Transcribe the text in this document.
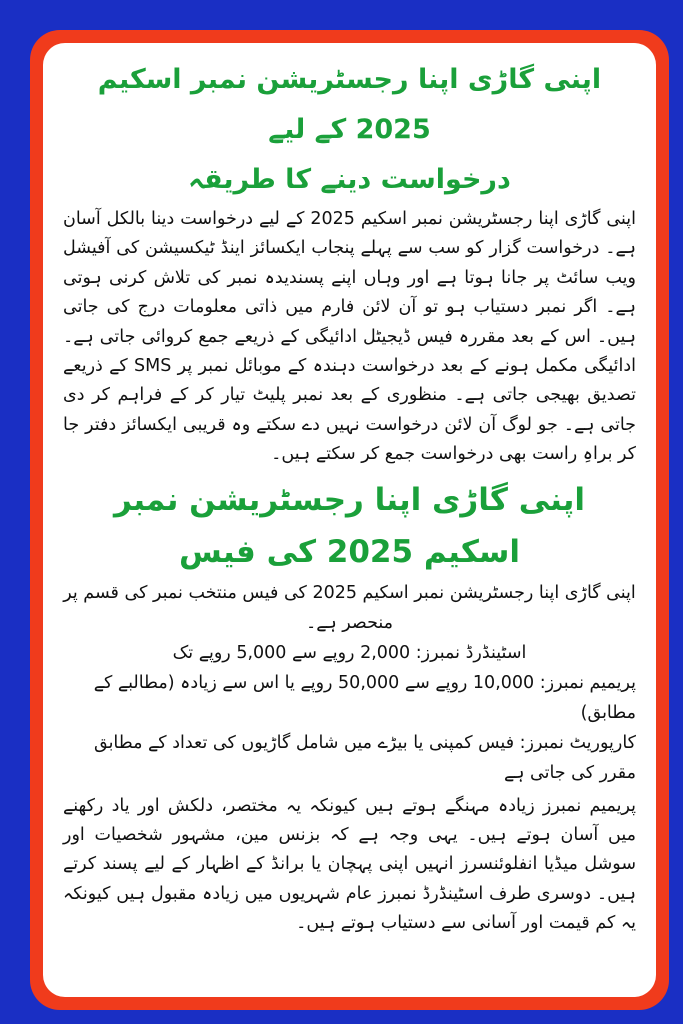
اپنی گاڑی اپنا رجسٹریشن نمبر اسکیم 2025 کے لیے
درخواست دینے کا طریقہ

اپنی گاڑی اپنا رجسٹریشن نمبر اسکیم 2025 کے لیے درخواست دینا بالکل آسان ہے۔ درخواست گزار کو سب سے پہلے پنجاب ایکسائز اینڈ ٹیکسیشن کی آفیشل ویب سائٹ پر جانا ہوتا ہے اور وہاں اپنے پسندیدہ نمبر کی تلاش کرنی ہوتی ہے۔ اگر نمبر دستیاب ہو تو آن لائن فارم میں ذاتی معلومات درج کی جاتی ہیں۔ اس کے بعد مقررہ فیس ڈیجیٹل ادائیگی کے ذریعے جمع کروائی جاتی ہے۔ ادائیگی مکمل ہونے کے بعد درخواست دہندہ کے موبائل نمبر پر SMS کے ذریعے تصدیق بھیجی جاتی ہے۔ منظوری کے بعد نمبر پلیٹ تیار کر کے فراہم کر دی جاتی ہے۔ جو لوگ آن لائن درخواست نہیں دے سکتے وہ قریبی ایکسائز دفتر جا کر براہِ راست بھی درخواست جمع کر سکتے ہیں۔

اپنی گاڑی اپنا رجسٹریشن نمبر اسکیم 2025 کی فیس

اپنی گاڑی اپنا رجسٹریشن نمبر اسکیم 2025 کی فیس منتخب نمبر کی قسم پر منحصر ہے۔

اسٹینڈرڈ نمبرز: 2,000 روپے سے 5,000 روپے تک

پریمیم نمبرز: 10,000 روپے سے 50,000 روپے یا اس سے زیادہ (مطالبے کے مطابق)

کارپوریٹ نمبرز: فیس کمپنی یا بیڑے میں شامل گاڑیوں کی تعداد کے مطابق مقرر کی جاتی ہے

پریمیم نمبرز زیادہ مہنگے ہوتے ہیں کیونکہ یہ مختصر، دلکش اور یاد رکھنے میں آسان ہوتے ہیں۔ یہی وجہ ہے کہ بزنس مین، مشہور شخصیات اور سوشل میڈیا انفلوئنسرز انہیں اپنی پہچان یا برانڈ کے اظہار کے لیے پسند کرتے ہیں۔ دوسری طرف اسٹینڈرڈ نمبرز عام شہریوں میں زیادہ مقبول ہیں کیونکہ یہ کم قیمت اور آسانی سے دستیاب ہوتے ہیں۔
